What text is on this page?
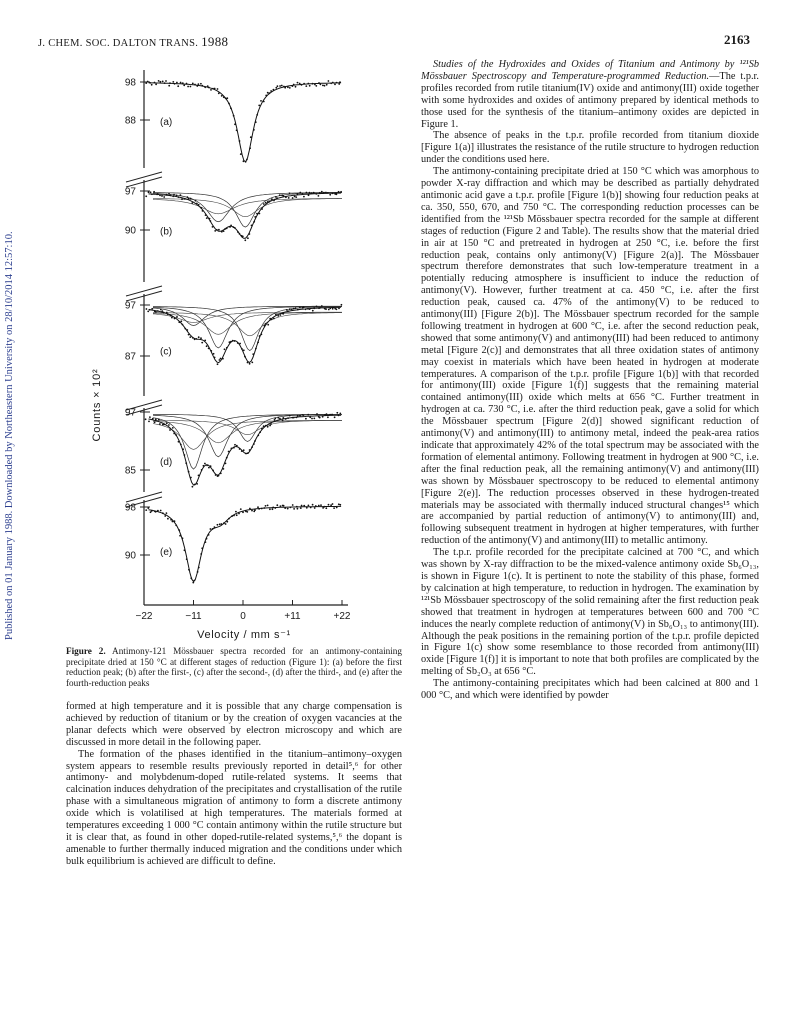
Published on 01 January 1988. Downloaded by Northeastern University on 28/10/2014 12:57:10.
J. CHEM. SOC. DALTON TRANS. 1988	2163
98
88 (a)
97
90 (b)
97
87 (c)
97
85
(d)
98
90 (e)
−22	−11	0	+11	+22
Velocity / mm s⁻¹
Counts × 10²
Figure 2. Antimony-121 Mössbauer spectra recorded for an antimony-containing precipitate dried at 150 °C at different stages of reduction (Figure 1): (a) before the first reduction peak; (b) after the first-, (c) after the second-, (d) after the third-, and (e) after the fourth-reduction peaks

formed at high temperature and it is possible that any charge compensation is achieved by reduction of titanium or by the creation of oxygen vacancies at the planar defects which were observed by electron microscopy and which are discussed in more detail in the following paper.

The formation of the phases identified in the titanium–antimony–oxygen system appears to resemble results previously reported in detail⁵,⁶ for other antimony- and molybdenum-doped rutile-related systems. It seems that calcination induces dehydration of the precipitates and crystallisation of the rutile phase with a simultaneous migration of antimony to form a discrete antimony oxide which is volatilised at high temperatures. The materials formed at temperatures exceeding 1 000 °C contain antimony within the rutile structure but it is clear that, as found in other doped-rutile-related systems,⁵,⁶ the dopant is amenable to further thermally induced migration and the conditions under which bulk equilibrium is achieved are difficult to define.

Studies of the Hydroxides and Oxides of Titanium and Antimony by ¹²¹Sb Mössbauer Spectroscopy and Temperature-programmed Reduction.—The t.p.r. profiles recorded from rutile titanium(IV) oxide and antimony(III) oxide together with some hydroxides and oxides of antimony prepared by identical methods to those used for the synthesis of the titanium–antimony oxides are depicted in Figure 1.

The absence of peaks in the t.p.r. profile recorded from titanium dioxide [Figure 1(a)] illustrates the resistance of the rutile structure to hydrogen reduction under the conditions used here.

The antimony-containing precipitate dried at 150 °C which was amorphous to powder X-ray diffraction and which may be described as partially dehydrated antimonic acid gave a t.p.r. profile [Figure 1(b)] showing four reduction peaks at ca. 350, 550, 670, and 750 °C. The corresponding reduction processes can be identified from the ¹²¹Sb Mössbauer spectra recorded for the sample at different stages of reduction (Figure 2 and Table). The results show that the material dried in air at 150 °C and pretreated in hydrogen at 250 °C, i.e. before the first reduction peak, contains only antimony(V) [Figure 2(a)]. The Mössbauer spectrum therefore demonstrates that such low-temperature treatment in a potentially reducing atmosphere is insufficient to induce the reduction of antimony(V). However, further treatment at ca. 450 °C, i.e. after the first reduction peak, caused ca. 47% of the antimony(V) to be reduced to antimony(III) [Figure 2(b)]. The Mössbauer spectrum recorded for the sample following treatment in hydrogen at 600 °C, i.e. after the second reduction peak, showed that some antimony(V) and antimony(III) had been reduced to antimony metal [Figure 2(c)] and demonstrates that all three oxidation states of antimony may coexist in materials which have been heated in hydrogen at moderate temperatures. A comparison of the t.p.r. profile [Figure 1(b)] with that recorded for antimony(III) oxide [Figure 1(f)] suggests that the remaining material contained antimony(III) oxide which melts at 656 °C. Further treatment in hydrogen at ca. 730 °C, i.e. after the third reduction peak, gave a solid for which the Mössbauer spectrum [Figure 2(d)] showed significant reduction of antimony(V) and antimony(III) to antimony metal, indeed the peak-area ratios indicate that approximately 42% of the total spectrum may be associated with the formation of elemental antimony. Following treatment in hydrogen at 900 °C, i.e. after the final reduction peak, all the remaining antimony(V) and antimony(III) was shown by Mössbauer spectroscopy to be reduced to elemental antimony [Figure 2(e)]. The reduction processes observed in these hydrogen-treated materials may be associated with thermally induced structural changes¹⁵ which are accompanied by partial reduction of antimony(V) to antimony(III) and, following subsequent treatment in hydrogen at higher temperatures, with further reduction of the antimony(V) and antimony(III) to metallic antimony.

The t.p.r. profile recorded for the precipitate calcined at 700 °C, and which was shown by X-ray diffraction to be the mixed-valence antimony oxide Sb₆O₁₃, is shown in Figure 1(c). It is pertinent to note the stability of this phase, formed by calcination at high temperature, to reduction in hydrogen. The examination by ¹²¹Sb Mössbauer spectroscopy of the solid remaining after the first reduction peak showed that treatment in hydrogen at temperatures between 600 and 700 °C induces the nearly complete reduction of antimony(V) in Sb₆O₁₃ to antimony(III). Although the peak positions in the remaining portion of the t.p.r. profile depicted in Figure 1(c) show some resemblance to those recorded from antimony(III) oxide [Figure 1(f)] it is important to note that both profiles are complicated by the melting of Sb₂O₃ at 656 °C.

The antimony-containing precipitates which had been calcined at 800 and 1 000 °C, and which were identified by powder
